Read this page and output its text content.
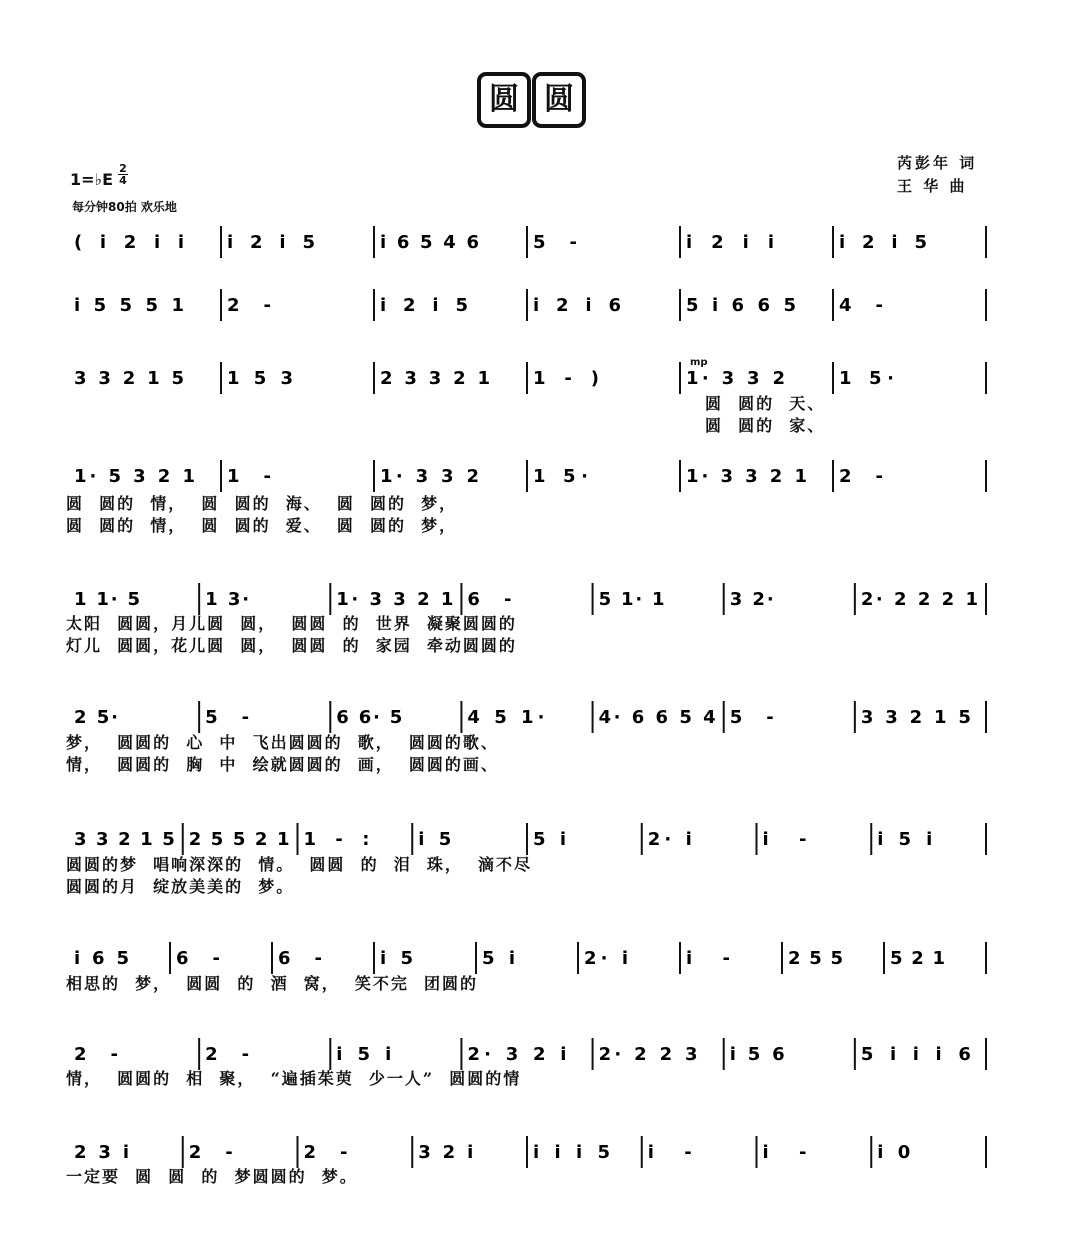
圆 圆
1=♭E
2
4
每分钟80拍 欢乐地
芮彭年 词
王 华 曲
mp
( i 2 i i i 2 i 5	i 6 5 4 6	5 -	i 2 i i	i 2 i 5
i 5 5 5 1 2 -	i 2 i 5	i 2 i 6	5 i 6 6 5 4 -
3 3 2 1 5 1 5 3	2 3 3 2 1 1 - )	1· 3 3 2	1 5·
1· 5 3 2 1 1 -	1· 3 3 2	1 5·	1· 3 3 2 1 2 -
1 1· 5	1 3·	1· 3 3 2 1 6 -	5 1· 1	3 2·	2· 2 2 2 1
2 5·	5 -	6 6· 5	4 5 1·	4· 6 6 5 4 5 -	3 3 2 1 5
3 3 2 1 5 2 5 5 2 1 1 - :	i 5	5 i	2· i	i -	i 5 i
i 6 5	6 -	6 -	i 5	5 i	2· i	i -	2 5 5	5 2 1
2 -	2 -	i 5 i	2· 3 2 i 2· 2 2 3 i 5 6	5 i i i 6
2 3 i	2 -	2 -	3 2 i	i i i 5 i -	i -	i 0
圆  圆的  天、
圆  圆的  家、
圆  圆的  情，  圆  圆的  海、  圆  圆的  梦，
圆  圆的  情，  圆  圆的  爱、  圆  圆的  梦，
太阳  圆圆，月儿圆  圆，  圆圆  的  世界  凝聚圆圆的
灯儿  圆圆，花儿圆  圆，  圆圆  的  家园  牵动圆圆的
梦，  圆圆的  心  中  飞出圆圆的  歌，  圆圆的歌、
情，  圆圆的  胸  中  绘就圆圆的  画，  圆圆的画、
圆圆的梦  唱响深深的  情。  圆圆  的  泪  珠，  滴不尽
圆圆的月  绽放美美的  梦。
相思的  梦，  圆圆  的  酒  窝，  笑不完  团圆的
情，  圆圆的  相  聚，  “遍插茱萸  少一人”  圆圆的情
一定要  圆  圆  的  梦圆圆的  梦。
